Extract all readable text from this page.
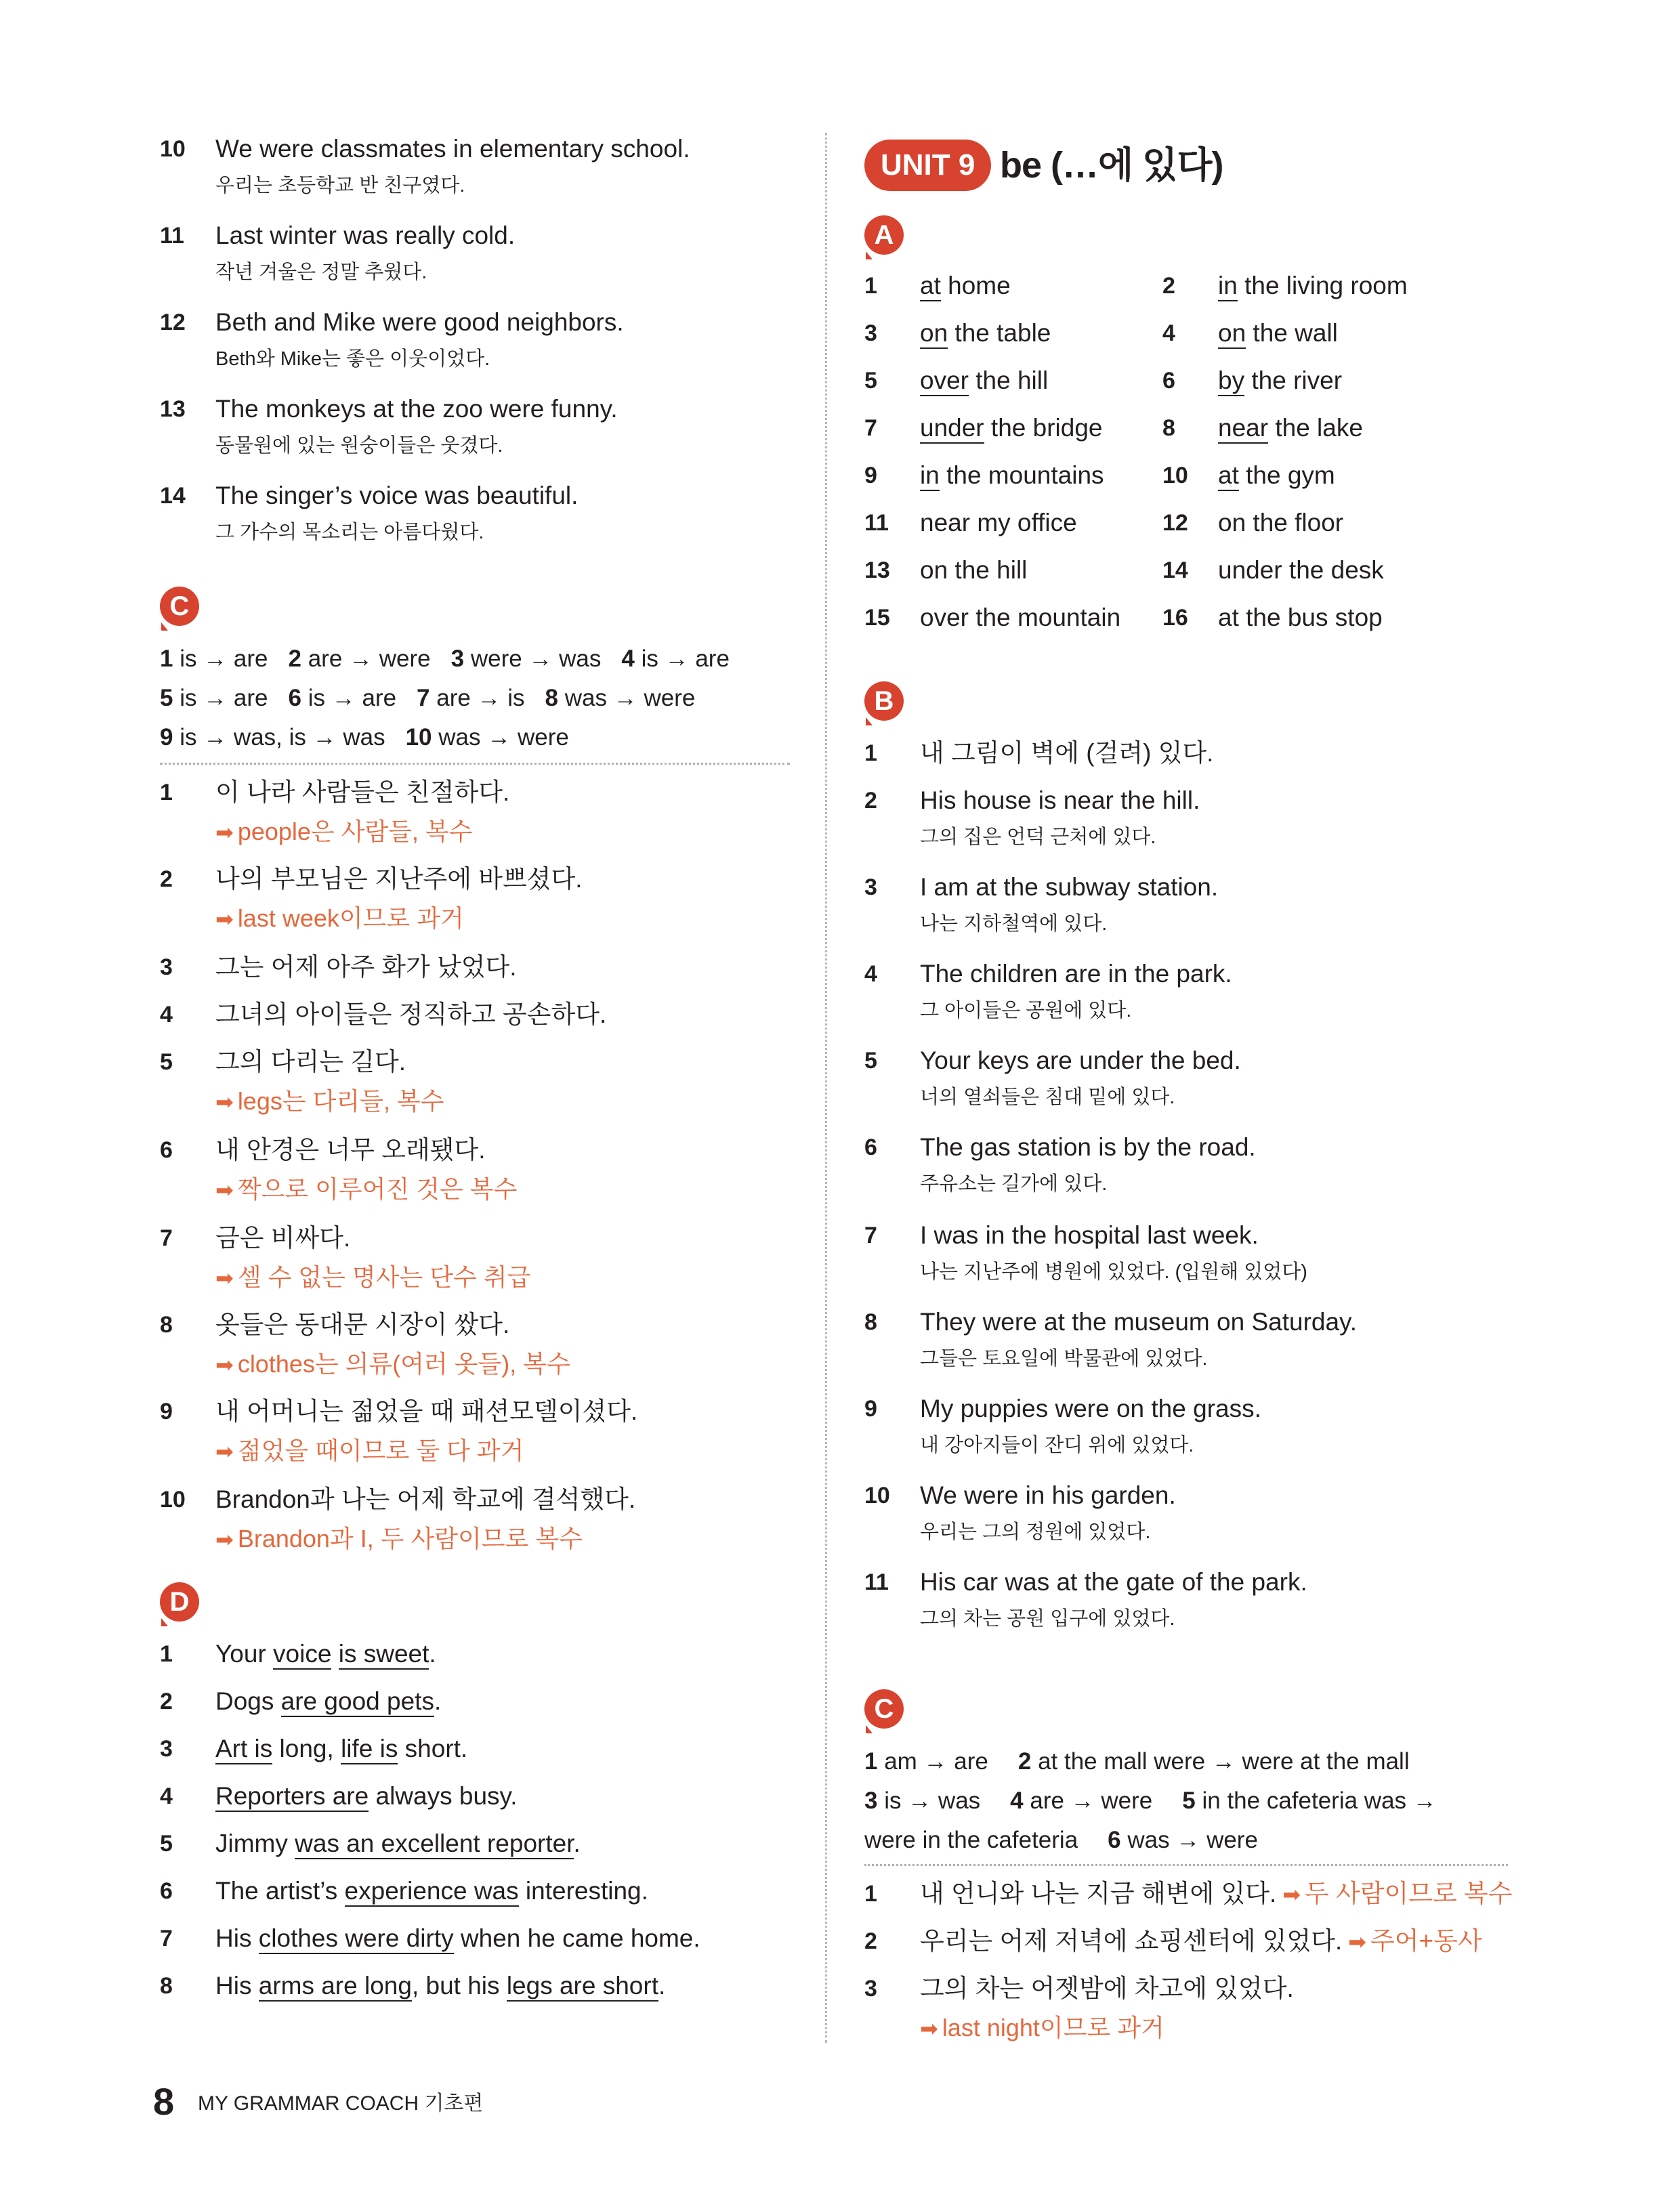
10 We were classmates in elementary school.
우리는 초등학교 반 친구였다.
11 Last winter was really cold.
작년 겨울은 정말 추웠다.
12 Beth and Mike were good neighbors.
Beth와 Mike는 좋은 이웃이었다.
13 The monkeys at the zoo were funny.
동물원에 있는 원숭이들은 웃겼다.
14 The singer’s voice was beautiful.
그 가수의 목소리는 아름다웠다.
C
1 is → are 2 are → were 3 were → was 4 is → are
5 is → are 6 is → are 7 are → is 8 was → were
9 is → was, is → was 10 was → were
1 이 나라 사람들은 친절하다.
➡ people은 사람들, 복수
2 나의 부모님은 지난주에 바쁘셨다.
➡ last week이므로 과거
3 그는 어제 아주 화가 났었다.
4 그녀의 아이들은 정직하고 공손하다.
5 그의 다리는 길다.
➡ legs는 다리들, 복수
6 내 안경은 너무 오래됐다.
➡ 짝으로 이루어진 것은 복수
7 금은 비싸다.
➡ 셀 수 없는 명사는 단수 취급
8 옷들은 동대문 시장이 쌌다.
➡ clothes는 의류(여러 옷들), 복수
9 내 어머니는 젊었을 때 패션모델이셨다.
➡ 젊었을 때이므로 둘 다 과거
10 Brandon과 나는 어제 학교에 결석했다.
➡ Brandon과 I, 두 사람이므로 복수
D
1 Your voice is sweet.
2 Dogs are good pets.
3 Art is long, life is short.
4 Reporters are always busy.
5 Jimmy was an excellent reporter.
6 The artist’s experience was interesting.
7 His clothes were dirty when he came home.
8 His arms are long, but his legs are short.
UNIT 9 be (…에 있다)
A
1 at home	2 in the living room
3 on the table	4 on the wall
5 over the hill	6 by the river
7 under the bridge	8 near the lake
9 in the mountains	10 at the gym
11 near my office	12 on the floor
13 on the hill	14 under the desk
15 over the mountain 16 at the bus stop
B
1 내 그림이 벽에 (걸려) 있다.
2 His house is near the hill.
그의 집은 언덕 근처에 있다.
3 I am at the subway station.
나는 지하철역에 있다.
4 The children are in the park.
그 아이들은 공원에 있다.
5 Your keys are under the bed.
너의 열쇠들은 침대 밑에 있다.
6 The gas station is by the road.
주유소는 길가에 있다.
7 I was in the hospital last week.
나는 지난주에 병원에 있었다. (입원해 있었다)
8 They were at the museum on Saturday.
그들은 토요일에 박물관에 있었다.
9 My puppies were on the grass.
내 강아지들이 잔디 위에 있었다.
10 We were in his garden.
우리는 그의 정원에 있었다.
11 His car was at the gate of the park.
그의 차는 공원 입구에 있었다.
C
1 am → are 2 at the mall were → were at the mall
3 is → was 4 are → were 5 in the cafeteria was →
were in the cafeteria 6 was → were
1 내 언니와 나는 지금 해변에 있다. ➡ 두 사람이므로 복수
2 우리는 어제 저녁에 쇼핑센터에 있었다. ➡ 주어+동사
3 그의 차는 어젯밤에 차고에 있었다.
➡ last night이므로 과거
8 MY GRAMMAR COACH 기초편
